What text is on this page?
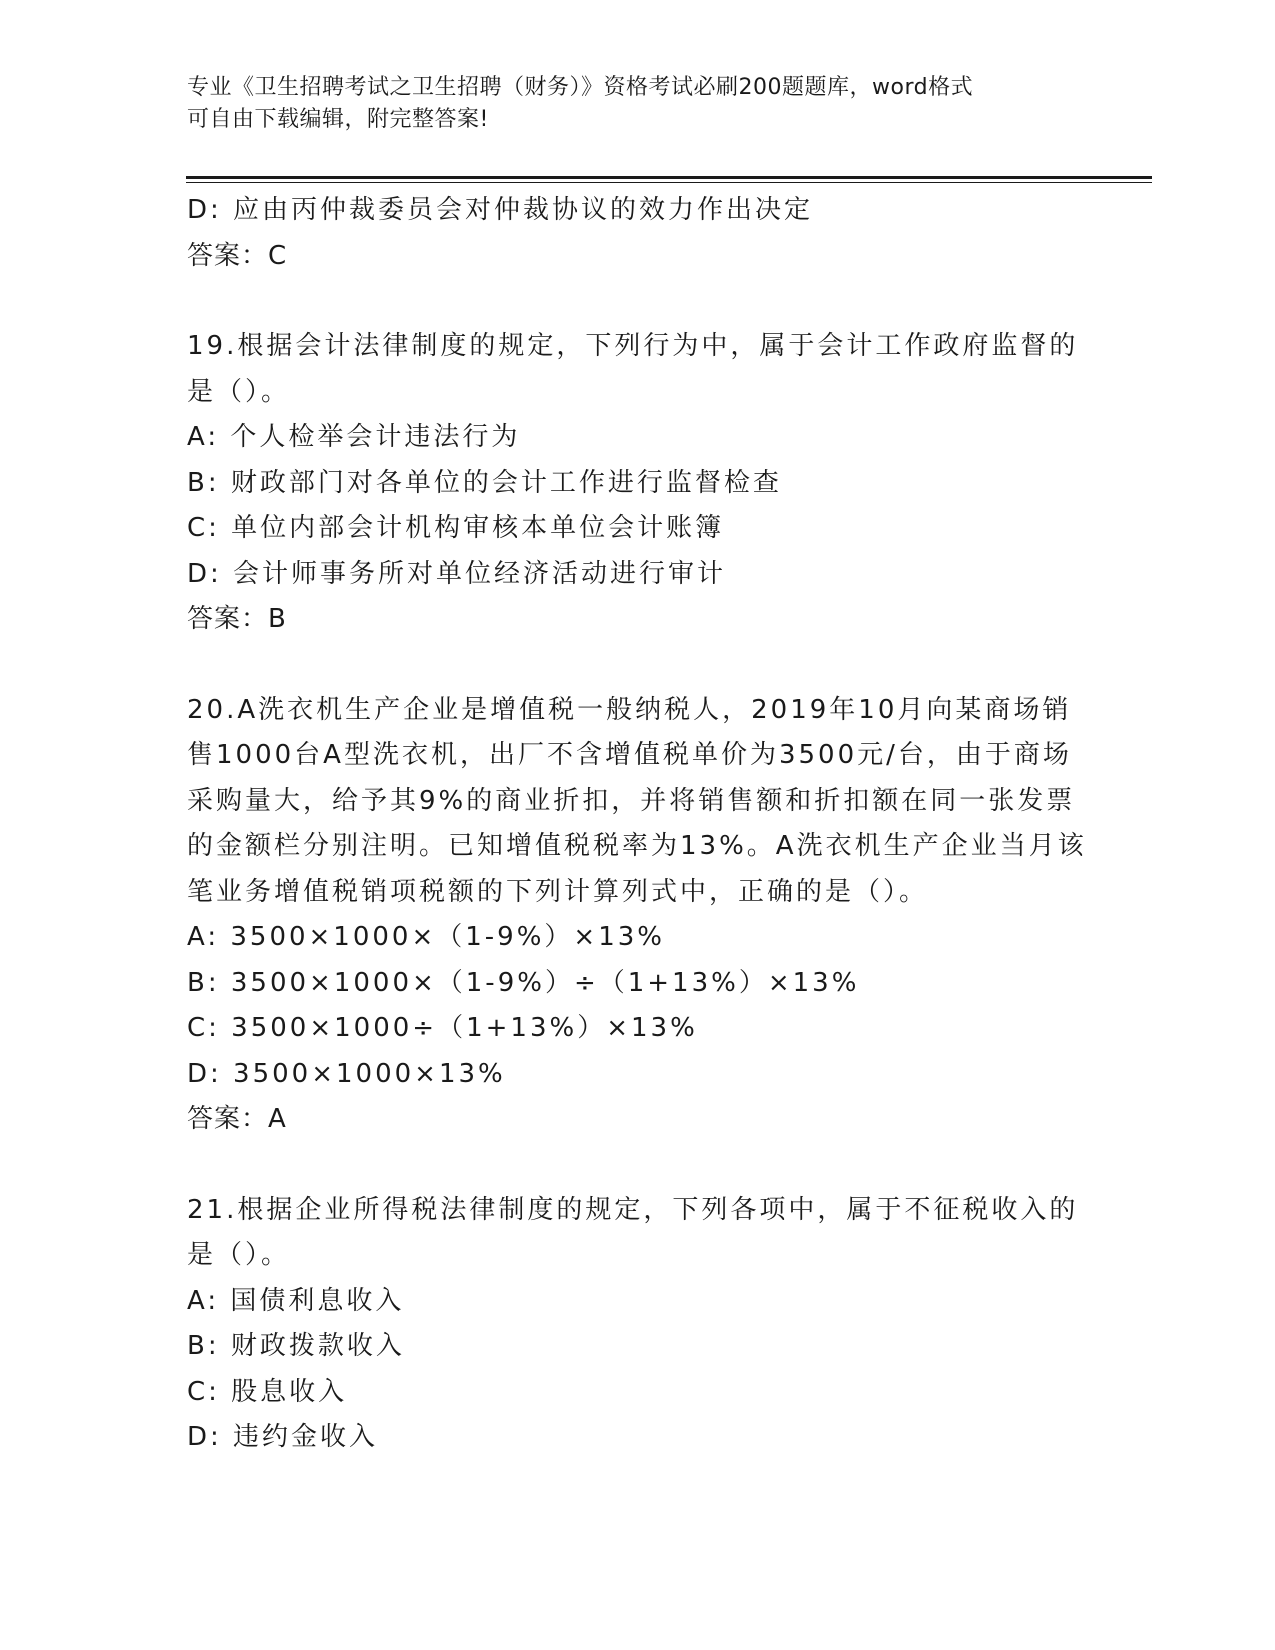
专业《卫生招聘考试之卫生招聘（财务）》资格考试必刷200题题库，word格式
可自由下载编辑，附完整答案!
D: 应由丙仲裁委员会对仲裁协议的效力作出决定
答案：C
19.根据会计法律制度的规定，下列行为中，属于会计工作政府监督的
是（）。
A: 个人检举会计违法行为
B: 财政部门对各单位的会计工作进行监督检查
C: 单位内部会计机构审核本单位会计账簿
D: 会计师事务所对单位经济活动进行审计
答案：B
20.A洗衣机生产企业是增值税一般纳税人，2019年10月向某商场销
售1000台A型洗衣机，出厂不含增值税单价为3500元/台，由于商场
采购量大，给予其9%的商业折扣，并将销售额和折扣额在同一张发票
的金额栏分别注明。已知增值税税率为13%。A洗衣机生产企业当月该
笔业务增值税销项税额的下列计算列式中，正确的是（）。
A: 3500×1000×（1-9%）×13%
B: 3500×1000×（1-9%）÷（1+13%）×13%
C: 3500×1000÷（1+13%）×13%
D: 3500×1000×13%
答案：A
21.根据企业所得税法律制度的规定，下列各项中，属于不征税收入的
是（）。
A: 国债利息收入
B: 财政拨款收入
C: 股息收入
D: 违约金收入
